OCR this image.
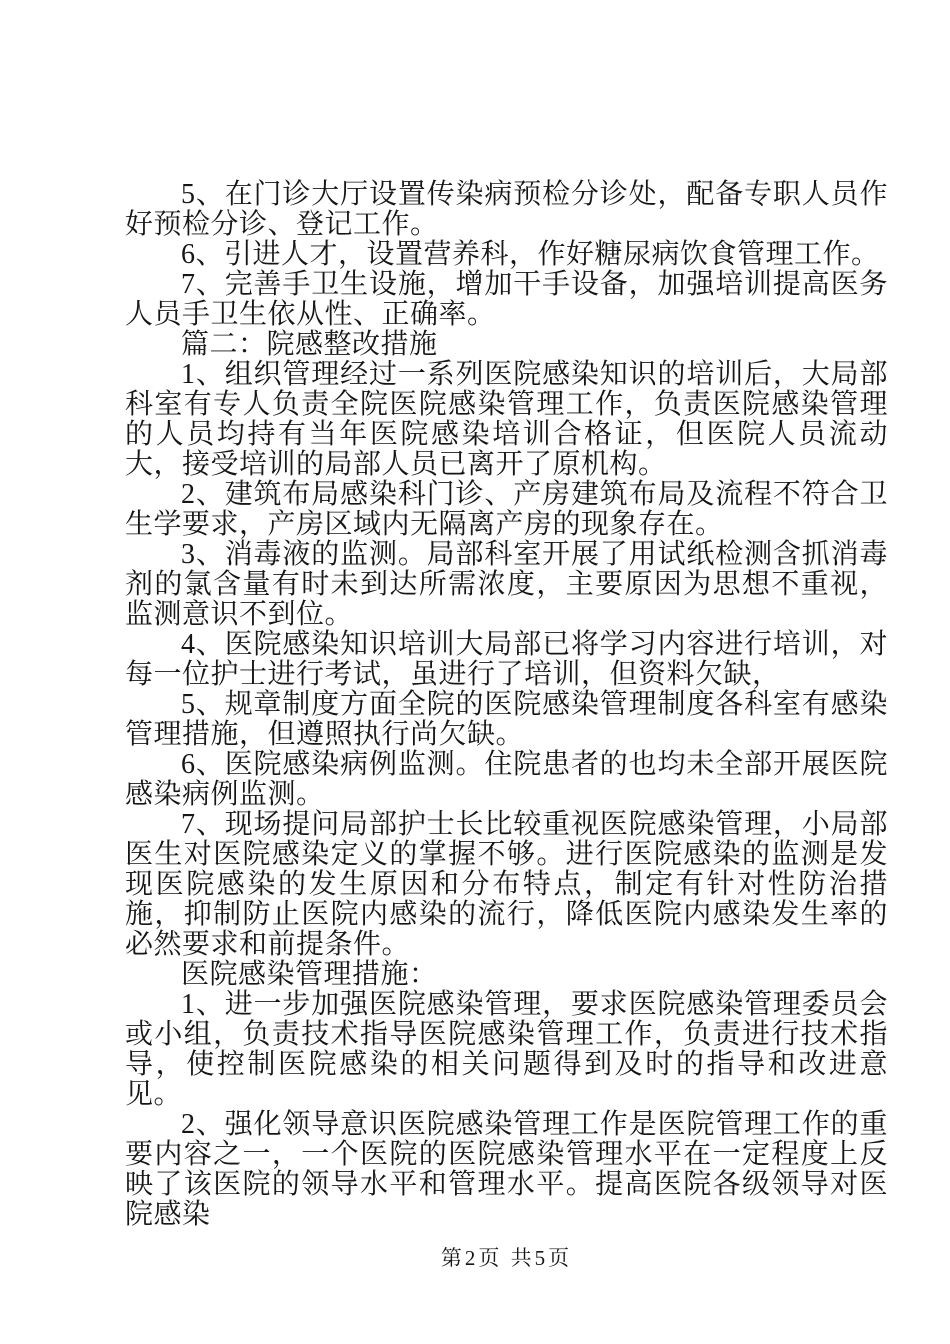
5、在门诊大厅设置传染病预检分诊处，配备专职人员作好预检分诊、登记工作。

6、引进人才，设置营养科，作好糖尿病饮食管理工作。

7、完善手卫生设施，增加干手设备，加强培训提高医务人员手卫生依从性、正确率。

篇二：院感整改措施

1、组织管理经过一系列医院感染知识的培训后，大局部科室有专人负责全院医院感染管理工作，负责医院感染管理的人员均持有当年医院感染培训合格证，但医院人员流动大，接受培训的局部人员已离开了原机构。

2、建筑布局感染科门诊、产房建筑布局及流程不符合卫生学要求，产房区域内无隔离产房的现象存在。

3、消毒液的监测。局部科室开展了用试纸检测含抓消毒剂的氯含量有时未到达所需浓度，主要原因为思想不重视，监测意识不到位。

4、医院感染知识培训大局部已将学习内容进行培训，对每一位护士进行考试，虽进行了培训，但资料欠缺，

5、规章制度方面全院的医院感染管理制度各科室有感染管理措施，但遵照执行尚欠缺。

6、医院感染病例监测。住院患者的也均未全部开展医院感染病例监测。

7、现场提问局部护士长比较重视医院感染管理，小局部医生对医院感染定义的掌握不够。进行医院感染的监测是发现医院感染的发生原因和分布特点，制定有针对性防治措施，抑制防止医院内感染的流行，降低医院内感染发生率的必然要求和前提条件。

医院感染管理措施：

1、进一步加强医院感染管理，要求医院感染管理委员会或小组，负责技术指导医院感染管理工作，负责进行技术指导，使控制医院感染的相关问题得到及时的指导和改进意见。

2、强化领导意识医院感染管理工作是医院管理工作的重要内容之一，一个医院的医院感染管理水平在一定程度上反映了该医院的领导水平和管理水平。提高医院各级领导对医院感染

第2页 共5页
